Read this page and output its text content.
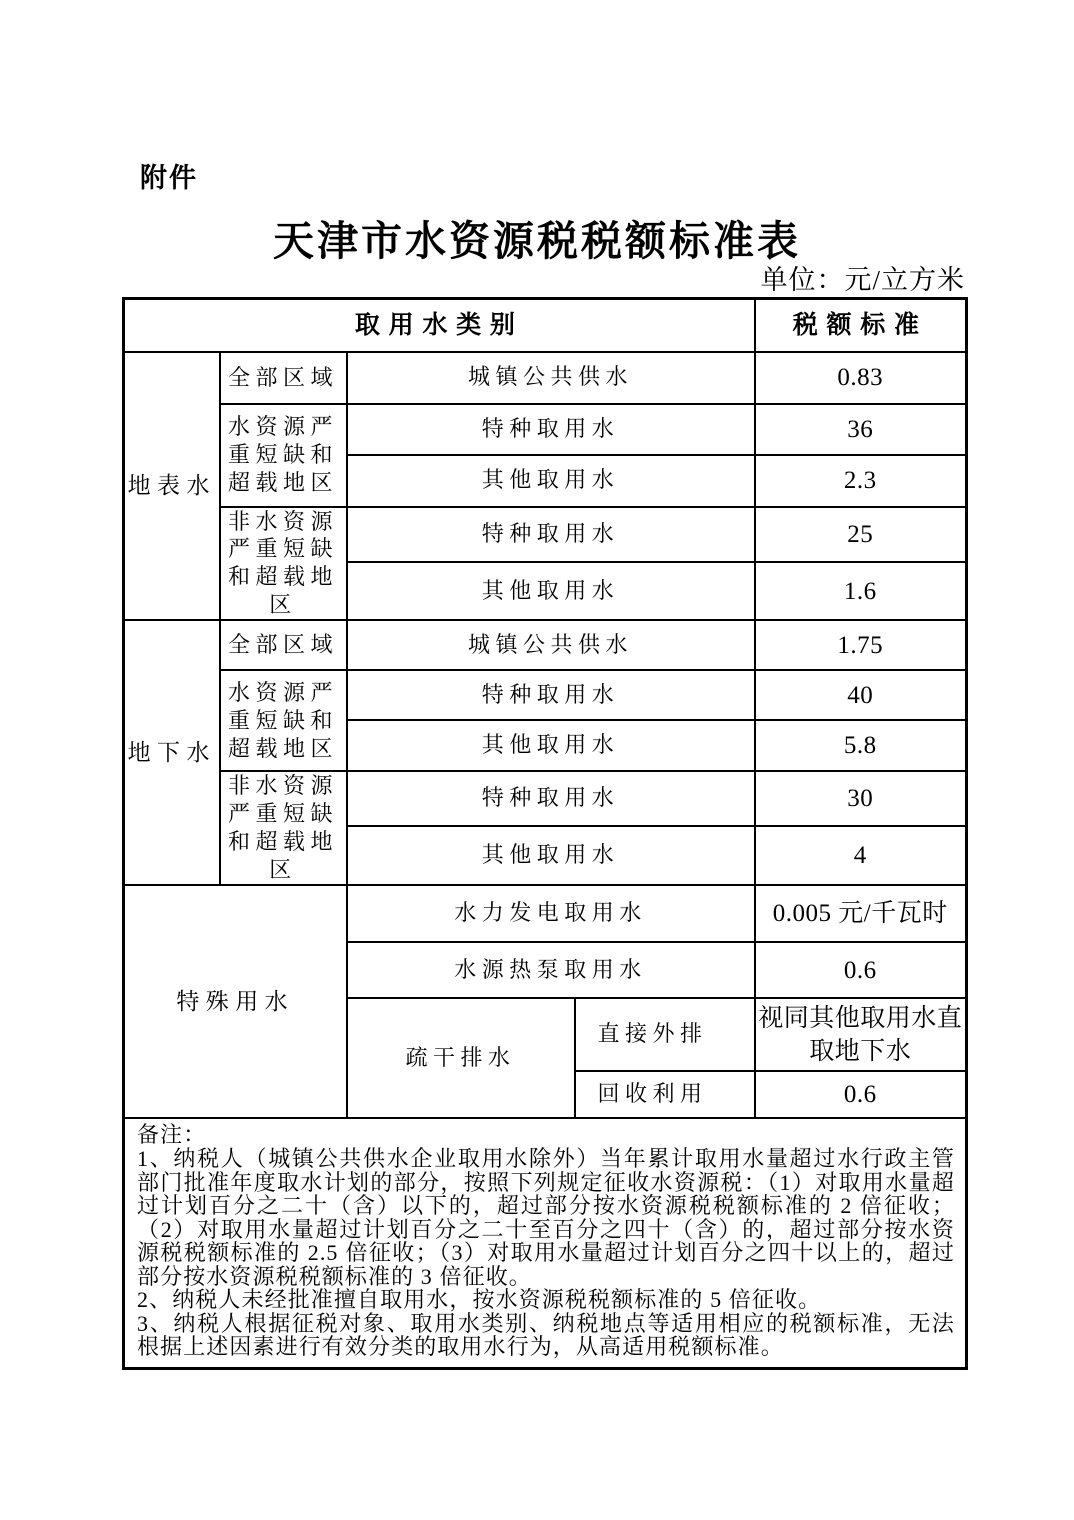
附件
天津市水资源税税额标准表
单位：元/立方米
取用水类别				税额标准
地表水	全部区域	城镇公共供水		0.83
	水资源严重短缺和超载地区	特种取用水		36
		其他取用水		2.3
	非水资源严重短缺和超载地区	特种取用水		25
		其他取用水		1.6
地下水	全部区域	城镇公共供水		1.75
	水资源严重短缺和超载地区	特种取用水		40
		其他取用水		5.8
	非水资源严重短缺和超载地区	特种取用水		30
		其他取用水		4
特殊用水		水力发电取用水		0.005 元/千瓦时
		水源热泵取用水		0.6
		疏干排水	直接外排	视同其他取用水直取地下水
			回收利用	0.6

备注：

1、纳税人（城镇公共供水企业取用水除外）当年累计取用水量超过水行政主管部门批准年度取水计划的部分，按照下列规定征收水资源税：（1）对取用水量超过计划百分之二十（含）以下的，超过部分按水资源税税额标准的 2 倍征收；（2）对取用水量超过计划百分之二十至百分之四十（含）的，超过部分按水资源税税额标准的 2.5 倍征收；（3）对取用水量超过计划百分之四十以上的，超过部分按水资源税税额标准的 3 倍征收。

2、纳税人未经批准擅自取用水，按水资源税税额标准的 5 倍征收。

3、纳税人根据征税对象、取用水类别、纳税地点等适用相应的税额标准，无法根据上述因素进行有效分类的取用水行为，从高适用税额标准。				
